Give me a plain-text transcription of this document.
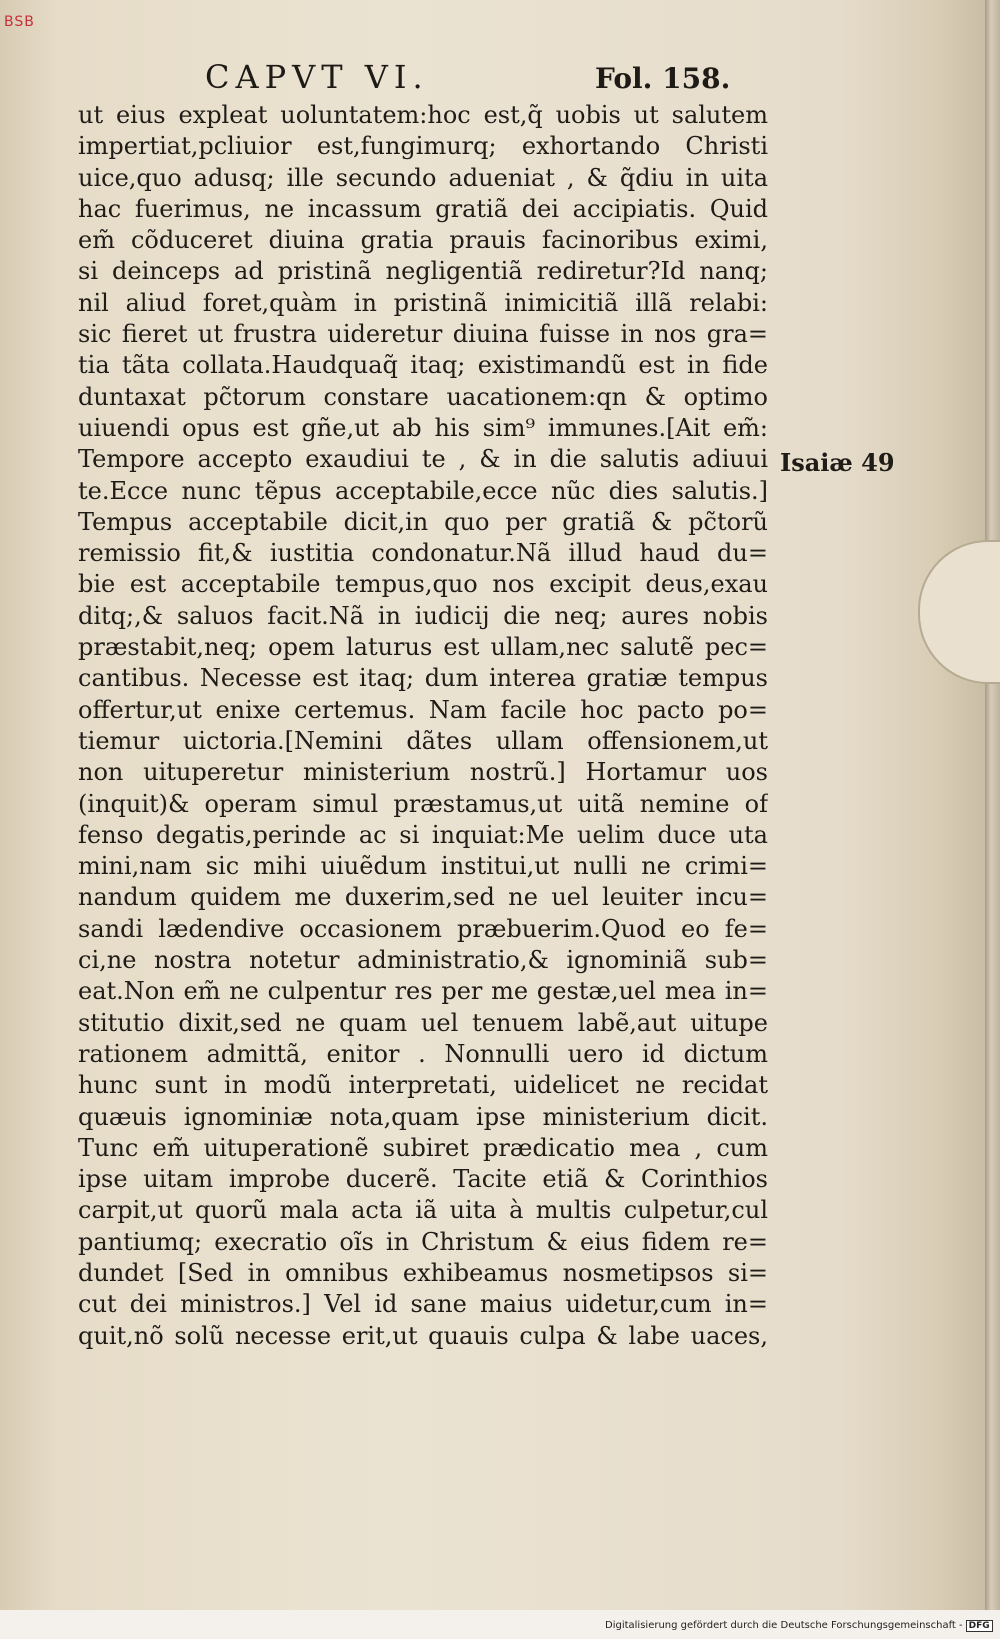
BSB
CAPVT VI.	Fol. 158.
ut eius expleat uoluntatem:hoc est,q̃ uobis ut salutem
impertiat,pcliuior est,fungimurq; exhortando Christi
uice,quo adusq; ille secundo adueniat , & q̃diu in uita
hac fuerimus, ne incassum gratiã dei accipiatis. Quid
em̃ cõduceret diuina gratia prauis facinoribus eximi,
si deinceps ad pristinã negligentiã rediretur?Id nanq;
nil aliud foret,quàm in pristinã inimicitiã illã relabi:
sic fieret ut frustra uideretur diuina fuisse in nos gra=
tia tãta collata.Haudquaq̃ itaq; existimandũ est in fide
duntaxat pc̃torum constare uacationem:qn & optimo
uiuendi opus est gñe,ut ab his sim⁹ immunes.[Ait em̃:
Tempore accepto exaudiui te , & in die salutis adiuui
te.Ecce nunc tẽpus acceptabile,ecce nũc dies salutis.]
Tempus acceptabile dicit,in quo per gratiã & pc̃torũ
remissio fit,& iustitia condonatur.Nã illud haud du=
bie est acceptabile tempus,quo nos excipit deus,exau
ditq;,& saluos facit.Nã in iudicij die neq; aures nobis
præstabit,neq; opem laturus est ullam,nec salutẽ pec=
cantibus. Necesse est itaq; dum interea gratiæ tempus
offertur,ut enixe certemus. Nam facile hoc pacto po=
tiemur uictoria.[Nemini dãtes ullam offensionem,ut
non uituperetur ministerium nostrũ.] Hortamur uos
(inquit)& operam simul præstamus,ut uitã nemine of
fenso degatis,perinde ac si inquiat:Me uelim duce uta
mini,nam sic mihi uiuẽdum institui,ut nulli ne crimi=
nandum quidem me duxerim,sed ne uel leuiter incu=
sandi lædendive occasionem præbuerim.Quod eo fe=
ci,ne nostra notetur administratio,& ignominiã sub=
eat.Non em̃ ne culpentur res per me gestæ,uel mea in=
stitutio dixit,sed ne quam uel tenuem labẽ,aut uitupe
rationem admittã, enitor . Nonnulli uero id dictum
hunc sunt in modũ interpretati, uidelicet ne recidat
quæuis ignominiæ nota,quam ipse ministerium dicit.
Tunc em̃ uituperationẽ subiret prædicatio mea , cum
ipse uitam improbe ducerẽ. Tacite etiã & Corinthios
carpit,ut quorũ mala acta iã uita à multis culpetur,cul
pantiumq; execratio oĩs in Christum & eius fidem re=
dundet [Sed in omnibus exhibeamus nosmetipsos si=
cut dei ministros.] Vel id sane maius uidetur,cum in=
quit,nõ solũ necesse erit,ut quauis culpa & labe uaces,
Isaiæ 49
Digitalisierung gefördert durch die Deutsche Forschungsgemeinschaft - DFG
